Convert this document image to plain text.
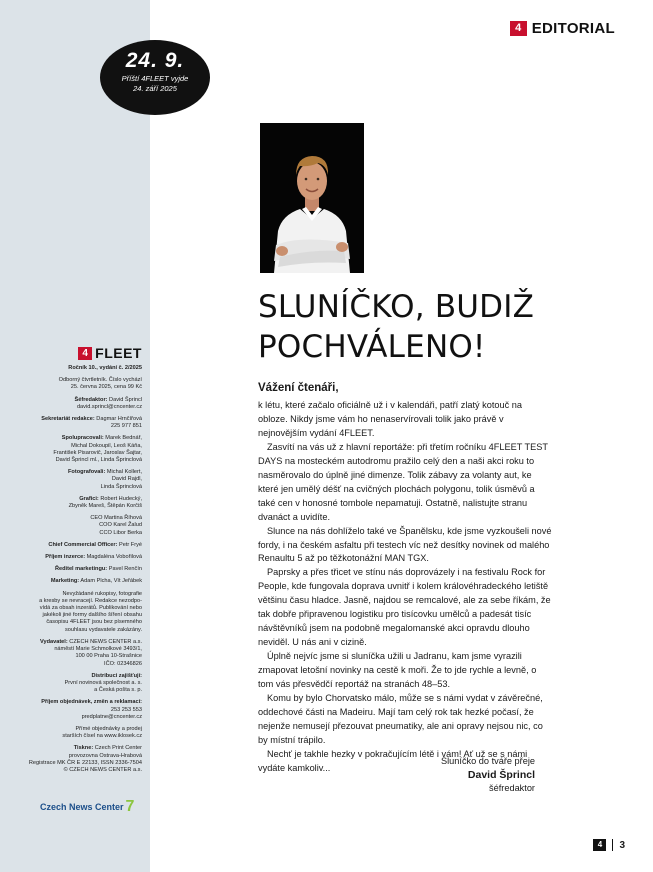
24. 9.
Příští 4FLEET vyjde
24. září 2025
4 FLEET
Ročník 10., vydání č. 2/2025
Odborný čtvrtletník. Číslo vychází
25. června 2025, cena 99 Kč
Šéfredaktor: David Šprincl
david.sprincl@cncenter.cz
Sekretariát redakce: Dagmar Hrnčířová
225 977 851
Spolupracovali: Marek Bednář,
Michal Dokoupil, Leoš Káňa,
František Pisarovič, Jaroslav Šajtar,
David Šprincl ml., Linda Šprinclová
Fotografovali: Michal Kollert,
David Rajdl,
Linda Šprinclová
Grafici: Robert Hudecký,
Zbyněk Mareš, Štěpán Korčiš
CEO Martina Říhová
COO Karel Žalud
CCO Libor Berka
Chief Commercial Officer: Petr Fryé
Příjem inzerce: Magdaléna Vobořilová
Ředitel marketingu: Pavel Renčín
Marketing: Adam Plcha, Vít Jeřábek
Nevyžádané rukopisy, fotografie
a kresby se nevracejí. Redakce nezodpo-
vídá za obsah inzerátů. Publikování nebo
jakékoli jiné formy dalšího šíření obsahu
časopisu 4FLEET jsou bez písemného
souhlasu vydavatele zakázány.
Vydavatel: CZECH NEWS CENTER a.s.
náměstí Marie Schmolkové 3493/1,
100 00 Praha 10-Strašnice
IČO: 02346826
Distribuci zajišťují:
První novinová společnost a. s.
a Česká pošta s. p.
Příjem objednávek, změn a reklamací:
253 253 553
predplatne@cncenter.cz
Přímé objednávky a prodej
starších čísel na www.iklosek.cz
Tiskne: Czech Print Center
provozovna Ostrava-Hrabová
Registrace MK ČR E 22133, ISSN 2336-7504
© CZECH NEWS CENTER a.s.
Czech News Center 7
4 EDITORIAL
SLUNÍČKO, BUDIŽ
POCHVÁLENO!
Vážení čtenáři,

k létu, které začalo oficiálně už i v kalendáři, patří zlatý kotouč na obloze. Nikdy jsme vám ho nenaservírovali tolik jako právě v nejnovějším vydání 4FLEET.

Zasvítí na vás už z hlavní reportáže: při třetím ročníku 4FLEET TEST DAYS na mosteckém autodromu pražilo celý den a naši akci roku to nasměrovalo do úplně jiné dimenze. Tolik zábavy za volanty aut, ke které jen umělý déšť na cvičných plochách polygonu, tolik úsměvů a také cen v honosné tombole nepamatuji. Ostatně, nalistujte stranu dvanáct a uvidíte.

Slunce na nás dohlíželo také ve Španělsku, kde jsme vyzkoušeli nové fordy, i na českém asfaltu při testech víc než desítky novinek od malého Renaultu 5 až po těžkotonážní MAN TGX.

Paprsky a přes třicet ve stínu nás doprovázely i na festivalu Rock for People, kde fungovala doprava uvnitř i kolem královéhradeckého letiště většinu času hladce. Jasně, najdou se remcalové, ale za sebe říkám, že tak dobře připravenou logistiku pro tisícovku umělců a padesát tisíc návštěvníků jsem na podobně megalomanské akci opravdu dlouho neviděl. U nás ani v cizině.

Úplně nejvíc jsme si sluníčka užili u Jadranu, kam jsme vyrazili zmapovat letošní novinky na cestě k moři. Že to jde rychle a levně, o tom vás přesvědčí reportáž na stranách 48–53.

Komu by bylo Chorvatsko málo, může se s námi vydat v závěrečné, oddechové části na Madeiru. Mají tam celý rok tak hezké počasí, že nejenže nemusejí přezouvat pneumatiky, ale ani opravy nejsou nic, co by místní trápilo.

Nechť je takhle hezky v pokračujícím létě i vám! Ať už se s námi vydáte kamkoliv...

Sluníčko do tváře přeje
David Šprincl
šéfredaktor
4	3
